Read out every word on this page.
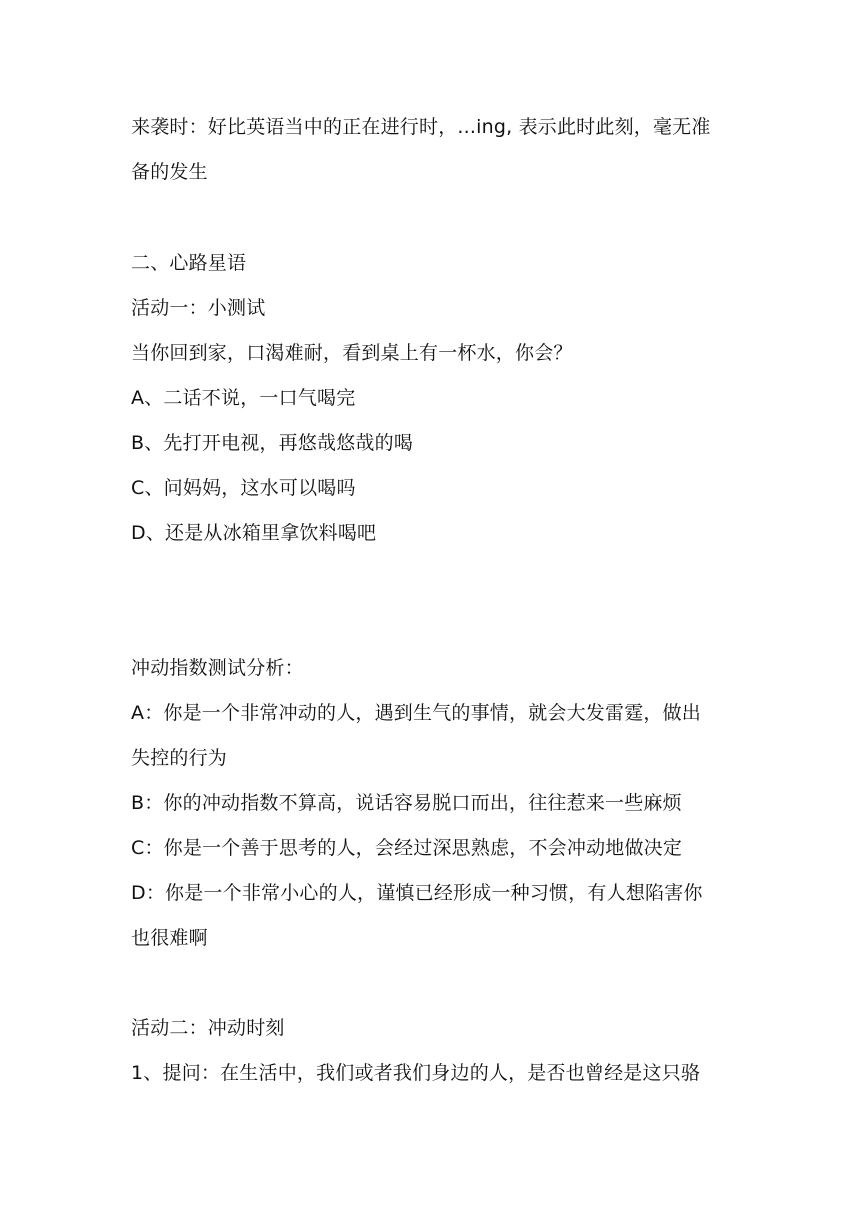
来袭时：好比英语当中的正在进行时，...ing, 表示此时此刻，毫无准
备的发生
二、心路星语
活动一：小测试
当你回到家，口渴难耐，看到桌上有一杯水，你会？
A、二话不说，一口气喝完
B、先打开电视，再悠哉悠哉的喝
C、问妈妈，这水可以喝吗
D、还是从冰箱里拿饮料喝吧
冲动指数测试分析：
A：你是一个非常冲动的人，遇到生气的事情，就会大发雷霆，做出
失控的行为
B：你的冲动指数不算高，说话容易脱口而出，往往惹来一些麻烦
C：你是一个善于思考的人，会经过深思熟虑，不会冲动地做决定
D：你是一个非常小心的人，谨慎已经形成一种习惯，有人想陷害你
也很难啊
活动二：冲动时刻
1、提问：在生活中，我们或者我们身边的人，是否也曾经是这只骆
